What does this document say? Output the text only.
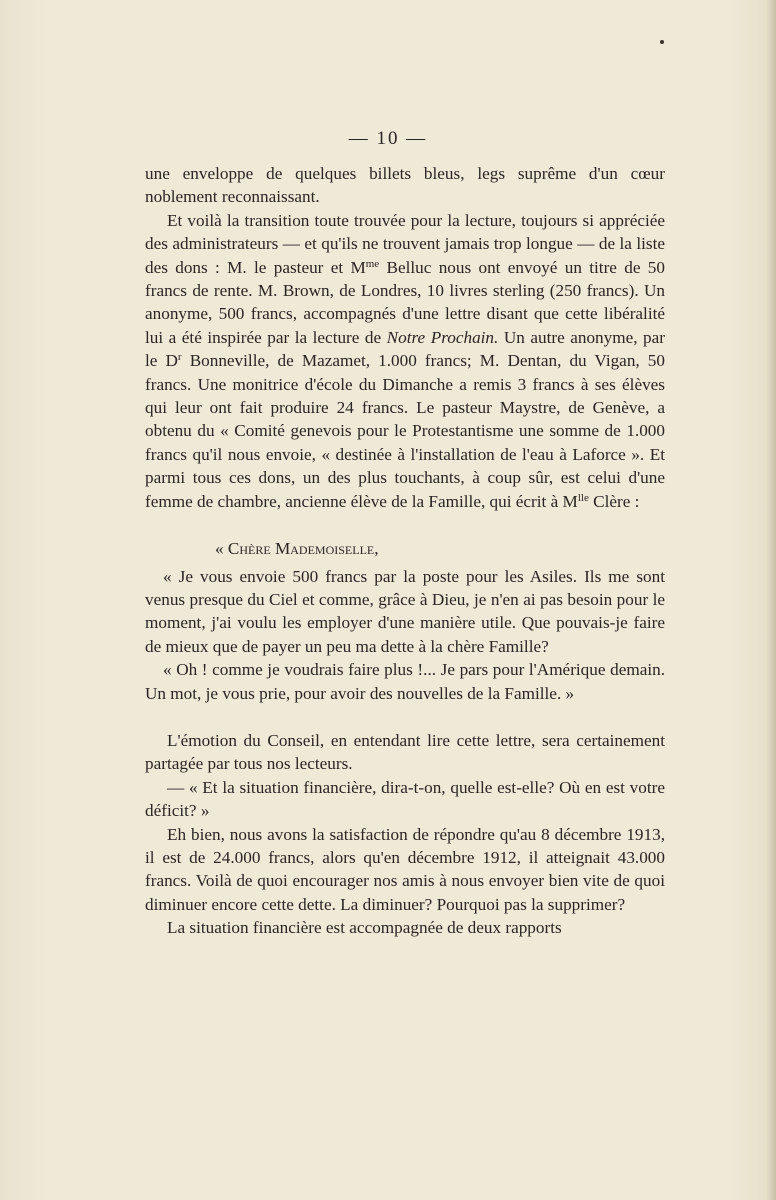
— 10 —

une enveloppe de quelques billets bleus, legs suprême d'un cœur noblement reconnaissant.

Et voilà la transition toute trouvée pour la lecture, toujours si appréciée des administrateurs — et qu'ils ne trouvent jamais trop longue — de la liste des dons : M. le pasteur et $M^{me}$ Belluc nous ont envoyé un titre de 50 francs de rente. M. Brown, de Londres, 10 livres sterling (250 francs). Un anonyme, 500 francs, accompagnés d'une lettre disant que cette libéralité lui a été inspirée par la lecture de Notre Prochain. Un autre anonyme, par le $D^r$ Bonneville, de Mazamet, 1.000 francs; M. Dentan, du Vigan, 50 francs. Une monitrice d'école du Dimanche a remis 3 francs à ses élèves qui leur ont fait produire 24 francs. Le pasteur Maystre, de Genève, a obtenu du « Comité genevois pour le Protestantisme une somme de 1.000 francs qu'il nous envoie, « destinée à l'installation de l'eau à Laforce ». Et parmi tous ces dons, un des plus touchants, à coup sûr, est celui d'une femme de chambre, ancienne élève de la Famille, qui écrit à $M^{lle}$ Clère :

« Chère Mademoiselle,

« Je vous envoie 500 francs par la poste pour les Asiles. Ils me sont venus presque du Ciel et comme, grâce à Dieu, je n'en ai pas besoin pour le moment, j'ai voulu les employer d'une manière utile. Que pouvais-je faire de mieux que de payer un peu ma dette à la chère Famille?

« Oh ! comme je voudrais faire plus !... Je pars pour l'Amérique demain. Un mot, je vous prie, pour avoir des nouvelles de la Famille. »

L'émotion du Conseil, en entendant lire cette lettre, sera certainement partagée par tous nos lecteurs.

— « Et la situation financière, dira-t-on, quelle est-elle? Où en est votre déficit? »

Eh bien, nous avons la satisfaction de répondre qu'au 8 décembre 1913, il est de 24.000 francs, alors qu'en décembre 1912, il atteignait 43.000 francs. Voilà de quoi encourager nos amis à nous envoyer bien vite de quoi diminuer encore cette dette. La diminuer? Pourquoi pas la supprimer?

La situation financière est accompagnée de deux rapports
